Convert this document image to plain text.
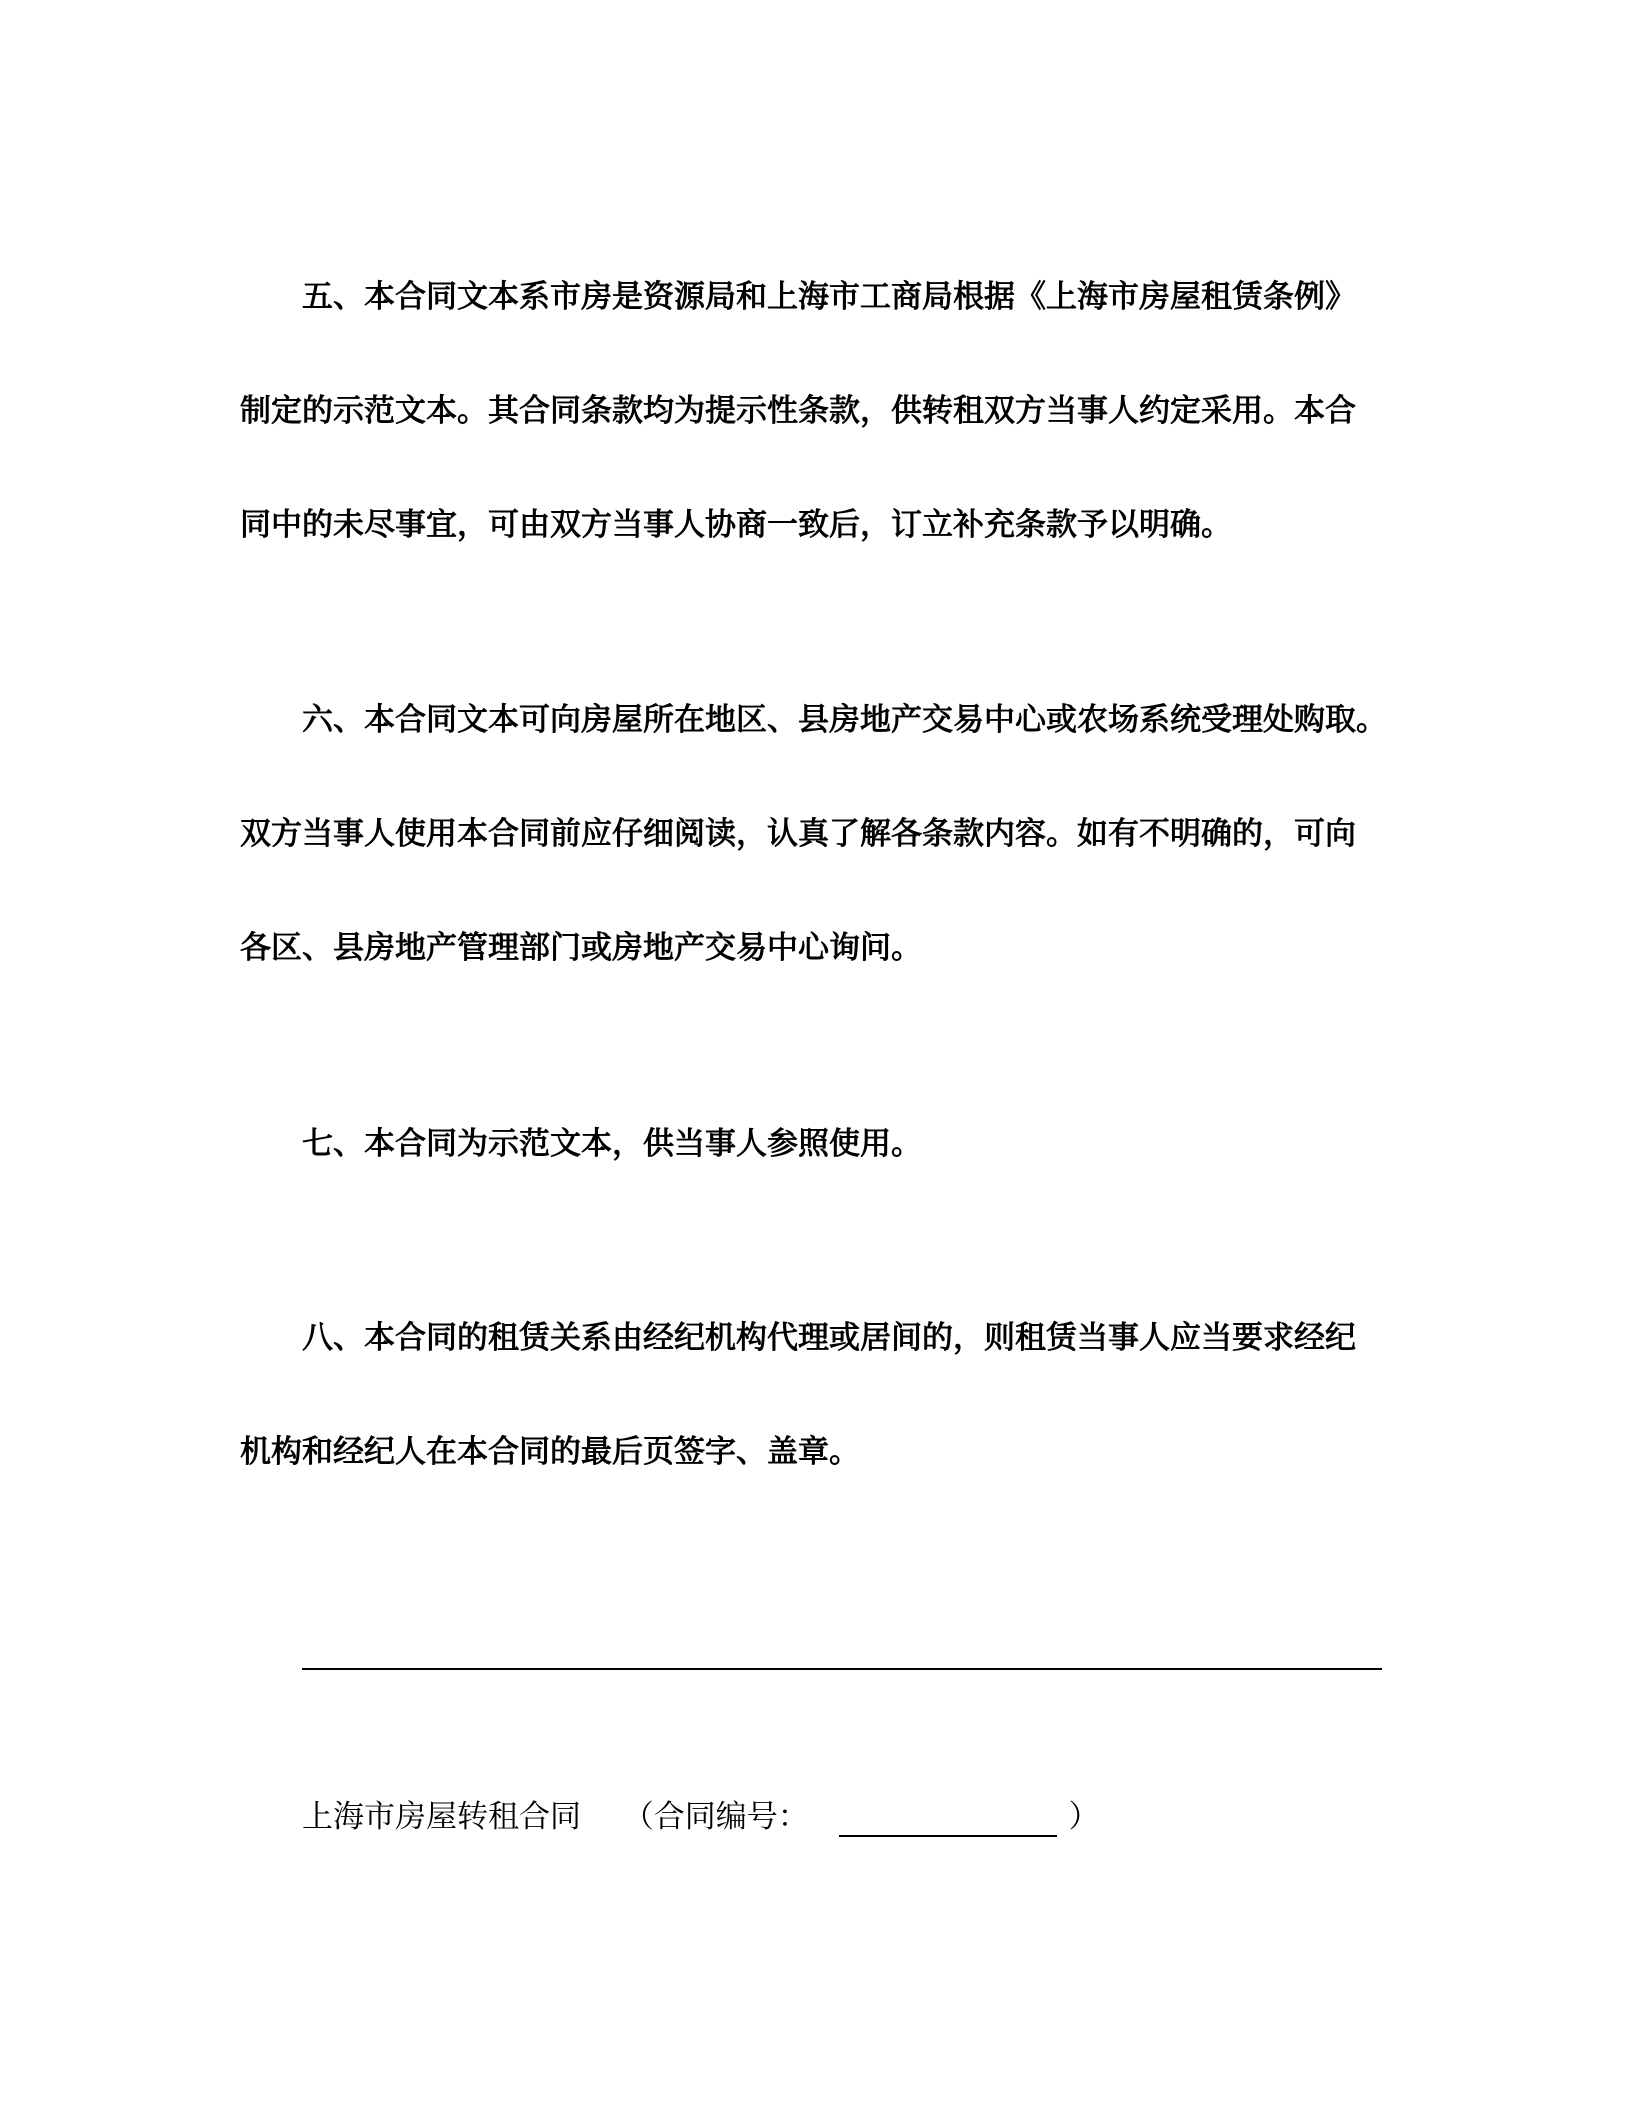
五、本合同文本系市房是资源局和上海市工商局根据《上海市房屋租赁条例》
制定的示范文本。其合同条款均为提示性条款，供转租双方当事人约定采用。本合
同中的未尽事宜，可由双方当事人协商一致后，订立补充条款予以明确。
六、本合同文本可向房屋所在地区、县房地产交易中心或农场系统受理处购取。
双方当事人使用本合同前应仔细阅读，认真了解各条款内容。如有不明确的，可向
各区、县房地产管理部门或房地产交易中心询问。
七、本合同为示范文本，供当事人参照使用。
八、本合同的租赁关系由经纪机构代理或居间的，则租赁当事人应当要求经纪
机构和经纪人在本合同的最后页签字、盖章。
上海市房屋转租合同 （合同编号：	）
